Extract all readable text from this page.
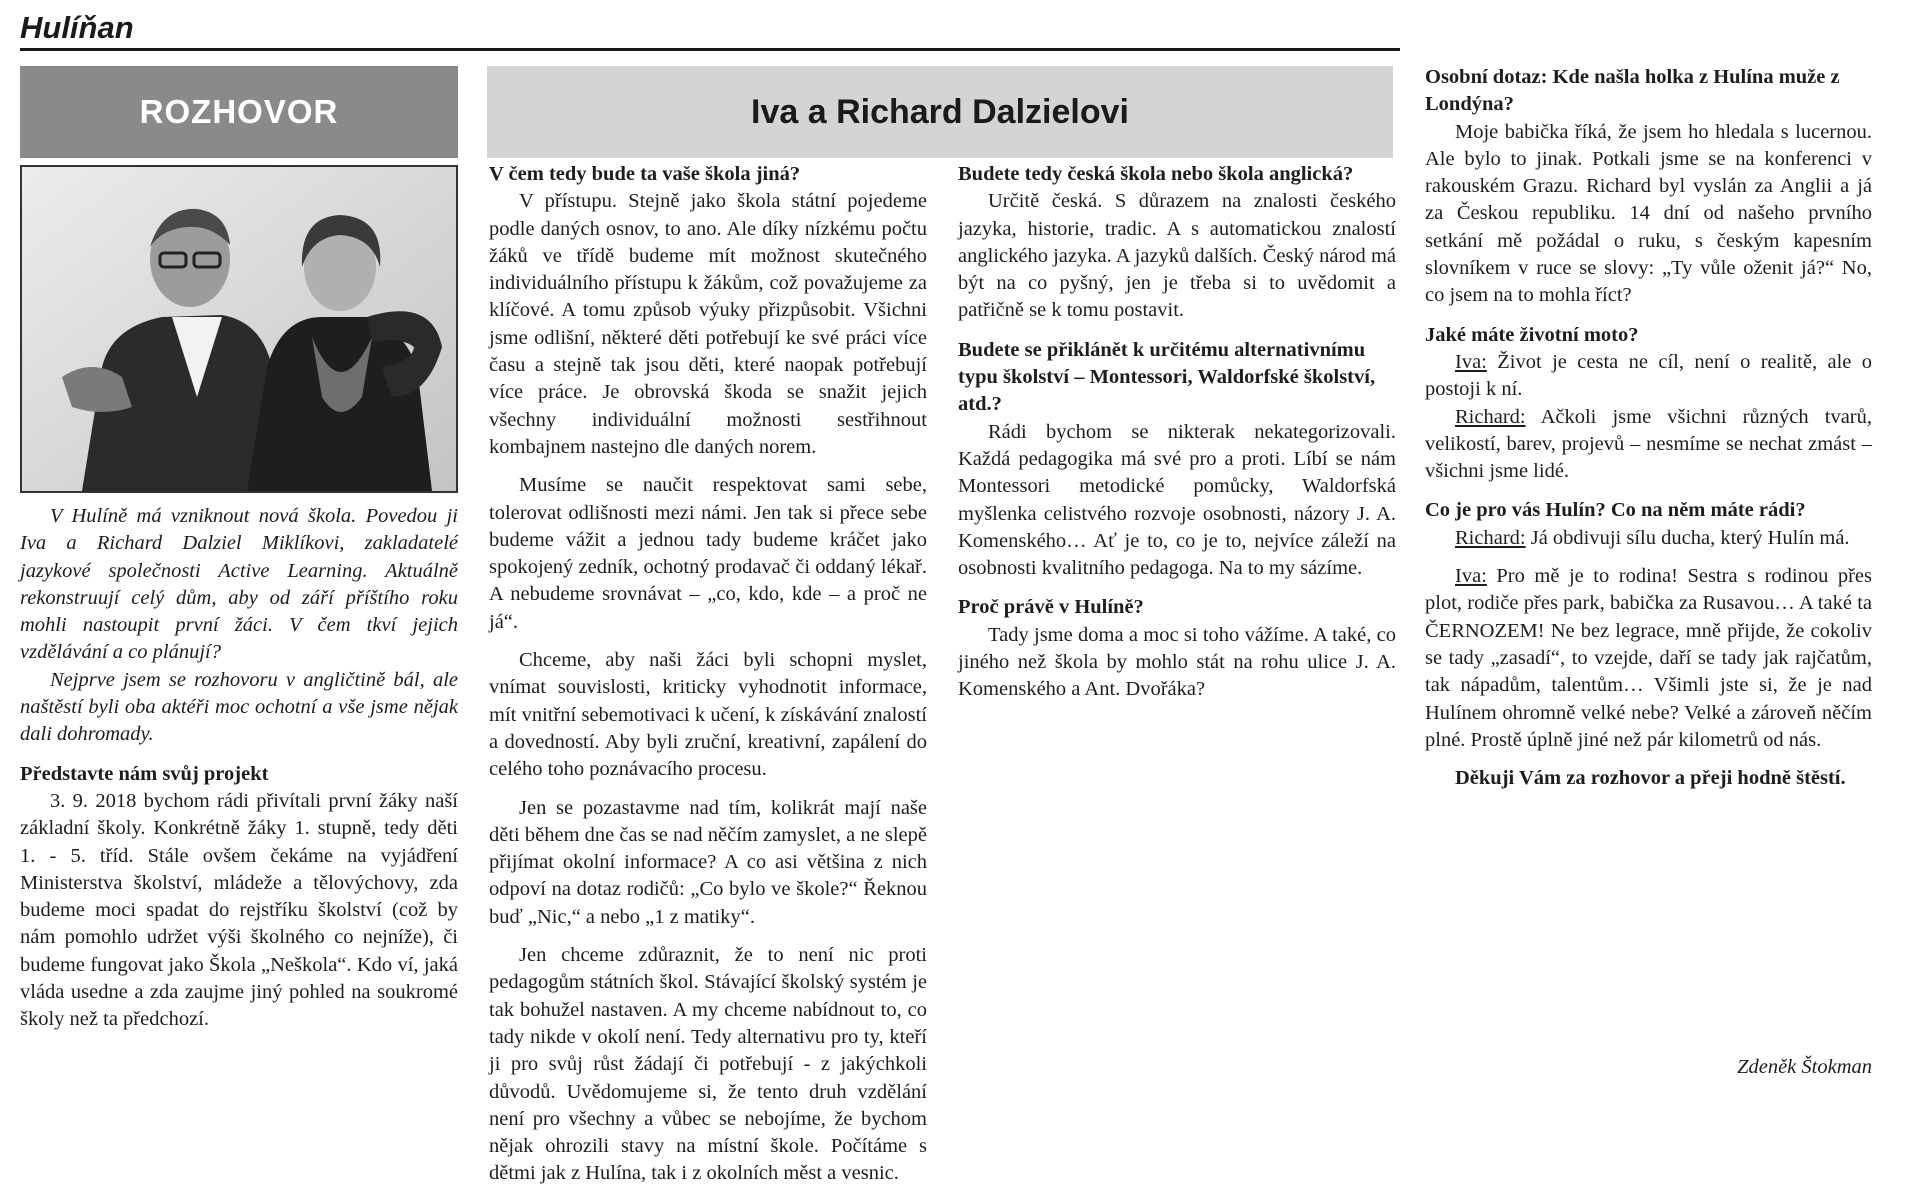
Hulíňan
ROZHOVOR	Iva a Richard Dalzielovi

V Hulíně má vzniknout nová škola. Povedou ji Iva a Richard Dalziel Miklíkovi, zakladatelé jazykové společnosti Active Learning. Aktuálně rekonstruují celý dům, aby od září příštího roku mohli nastoupit první žáci. V čem tkví jejich vzdělávání a co plánují?

Nejprve jsem se rozhovoru v angličtině bál, ale naštěstí byli oba aktéři moc ochotní a vše jsme nějak dali dohromady.

Představte nám svůj projekt

3. 9. 2018 bychom rádi přivítali první žáky naší základní školy. Konkrétně žáky 1. stupně, tedy děti 1. - 5. tříd. Stále ovšem čekáme na vyjádření Ministerstva školství, mládeže a tělovýchovy, zda budeme moci spadat do rejstříku školství (což by nám pomohlo udržet výši školného co nejníže), či budeme fungovat jako Škola „Neškola“. Kdo ví, jaká vláda usedne a zda zaujme jiný pohled na soukromé školy než ta předchozí.

V čem tedy bude ta vaše škola jiná?

V přístupu. Stejně jako škola státní pojedeme podle daných osnov, to ano. Ale díky nízkému počtu žáků ve třídě budeme mít možnost skutečného individuálního přístupu k žákům, což považujeme za klíčové. A tomu způsob výuky přizpůsobit. Všichni jsme odlišní, některé děti potřebují ke své práci více času a stejně tak jsou děti, které naopak potřebují více práce. Je obrovská škoda se snažit jejich všechny individuální možnosti sestřihnout kombajnem nastejno dle daných norem.

Musíme se naučit respektovat sami sebe, tolerovat odlišnosti mezi námi. Jen tak si přece sebe budeme vážit a jednou tady budeme kráčet jako spokojený zedník, ochotný prodavač či oddaný lékař. A nebudeme srovnávat – „co, kdo, kde – a proč ne já“.

Chceme, aby naši žáci byli schopni myslet, vnímat souvislosti, kriticky vyhodnotit informace, mít vnitřní sebemotivaci k učení, k získávání znalostí a dovedností. Aby byli zruční, kreativní, zapálení do celého toho poznávacího procesu.

Jen se pozastavme nad tím, kolikrát mají naše děti během dne čas se nad něčím zamyslet, a ne slepě přijímat okolní informace? A co asi většina z nich odpoví na dotaz rodičů: „Co bylo ve škole?“ Řeknou buď „Nic,“ a nebo „1 z matiky“.

Jen chceme zdůraznit, že to není nic proti pedagogům státních škol. Stávající školský systém je tak bohužel nastaven. A my chceme nabídnout to, co tady nikde v okolí není. Tedy alternativu pro ty, kteří ji pro svůj růst žádají či potřebují - z jakýchkoli důvodů. Uvědomujeme si, že tento druh vzdělání není pro všechny a vůbec se nebojíme, že bychom nějak ohrozili stavy na místní škole. Počítáme s dětmi jak z Hulína, tak i z okolních měst a vesnic.

Budete tedy česká škola nebo škola anglická?

Určitě česká. S důrazem na znalosti českého jazyka, historie, tradic. A s automatickou znalostí anglického jazyka. A jazyků dalších. Český národ má být na co pyšný, jen je třeba si to uvědomit a patřičně se k tomu postavit.

Budete se přiklánět k určitému alternativnímu typu školství – Montessori, Waldorfské školství, atd.?

Rádi bychom se nikterak nekategorizovali. Každá pedagogika má své pro a proti. Líbí se nám Montessori metodické pomůcky, Waldorfská myšlenka celistvého rozvoje osobnosti, názory J. A. Komenského… Ať je to, co je to, nejvíce záleží na osobnosti kvalitního pedagoga. Na to my sázíme.

Proč právě v Hulíně?

Tady jsme doma a moc si toho vážíme. A také, co jiného než škola by mohlo stát na rohu ulice J. A. Komenského a Ant. Dvořáka?

Osobní dotaz: Kde našla holka z Hulína muže z Londýna?

Moje babička říká, že jsem ho hledala s lucernou. Ale bylo to jinak. Potkali jsme se na konferenci v rakouském Grazu. Richard byl vyslán za Anglii a já za Českou republiku. 14 dní od našeho prvního setkání mě požádal o ruku, s českým kapesním slovníkem v ruce se slovy: „Ty vůle oženit já?“ No, co jsem na to mohla říct?

Jaké máte životní moto?

Iva: Život je cesta ne cíl, není o realitě, ale o postoji k ní.

Richard: Ačkoli jsme všichni různých tvarů, velikostí, barev, projevů – nesmíme se nechat zmást – všichni jsme lidé.

Co je pro vás Hulín? Co na něm máte rádi?

Richard: Já obdivuji sílu ducha, který Hulín má.

Iva: Pro mě je to rodina! Sestra s rodinou přes plot, rodiče přes park, babička za Rusavou… A také ta ČERNOZEM! Ne bez legrace, mně přijde, že cokoliv se tady „zasadí“, to vzejde, daří se tady jak rajčatům, tak nápadům, talentům… Všimli jste si, že je nad Hulínem ohromně velké nebe? Velké a zároveň něčím plné. Prostě úplně jiné než pár kilometrů od nás.

Děkuji Vám za rozhovor a přeji hodně štěstí.

Zdeněk Štokman
